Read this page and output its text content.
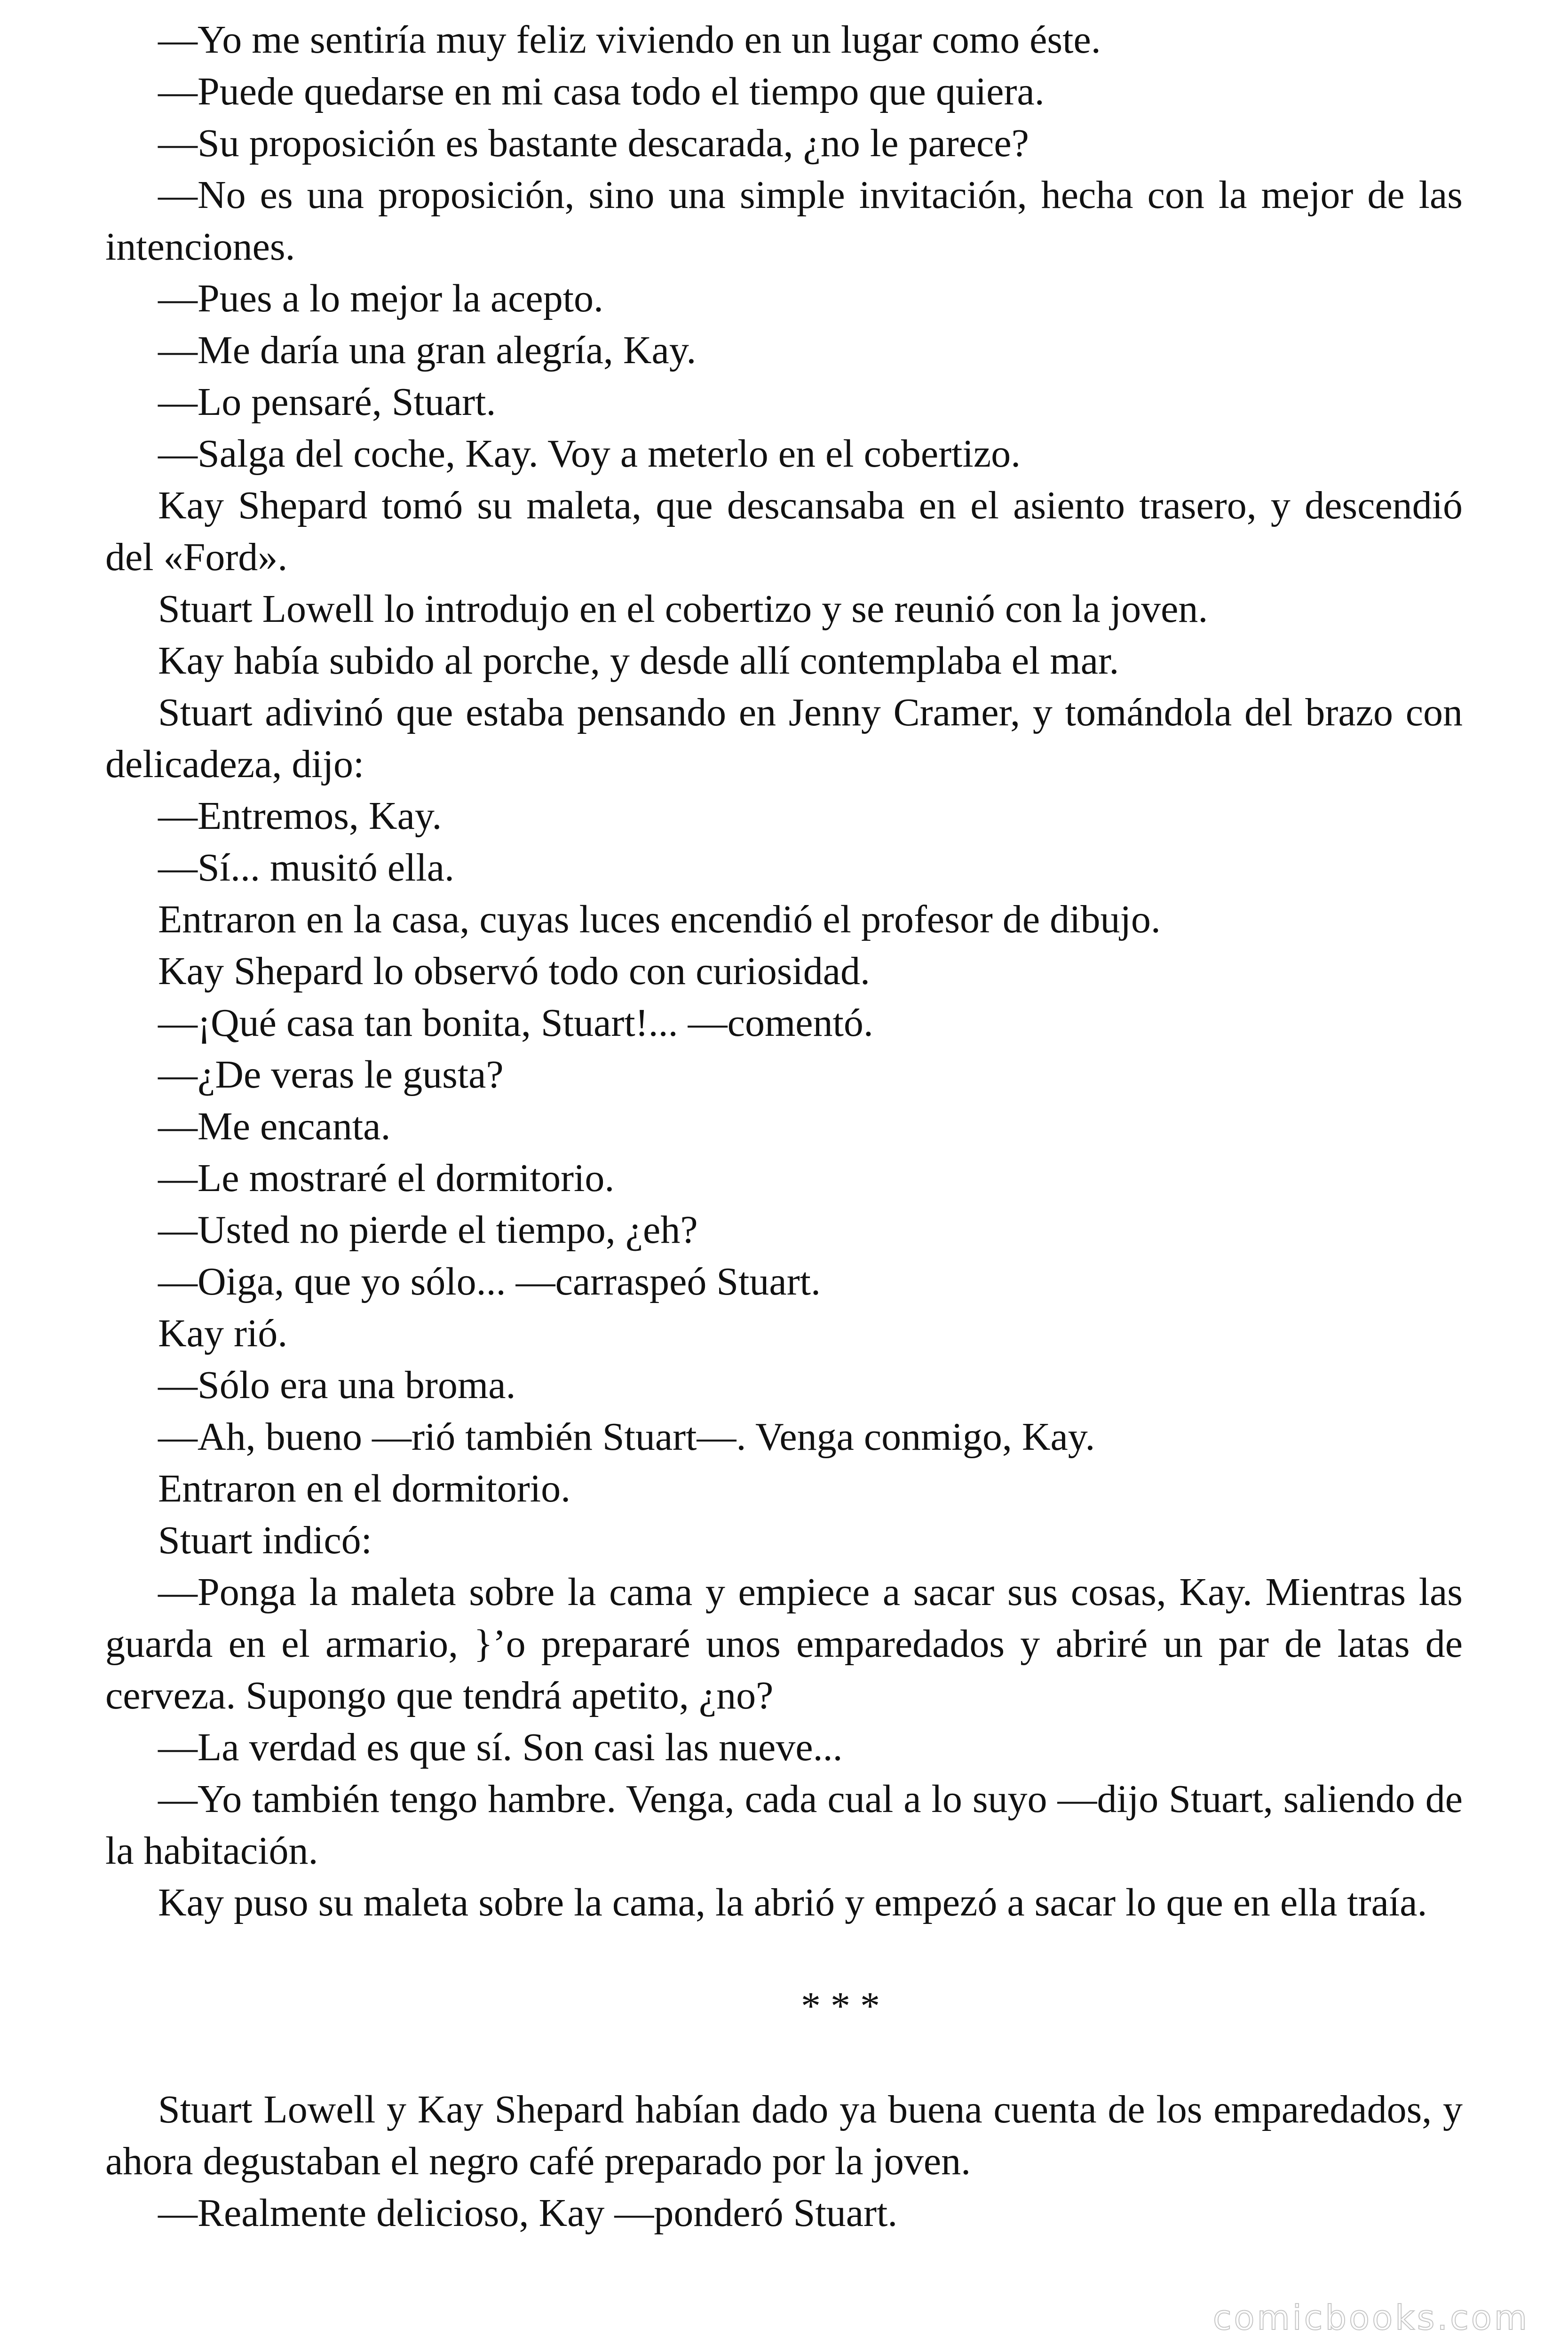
—Yo me sentiría muy feliz viviendo en un lugar como éste.

—Puede quedarse en mi casa todo el tiempo que quiera.

—Su proposición es bastante descarada, ¿no le parece?

—No es una proposición, sino una simple invitación, hecha con la mejor de las intenciones.

—Pues a lo mejor la acepto.

—Me daría una gran alegría, Kay.

—Lo pensaré, Stuart.

—Salga del coche, Kay. Voy a meterlo en el cobertizo.

Kay Shepard tomó su maleta, que descansaba en el asiento trasero, y descendió del «Ford».

Stuart Lowell lo introdujo en el cobertizo y se reunió con la joven.

Kay había subido al porche, y desde allí contemplaba el mar.

Stuart adivinó que estaba pensando en Jenny Cramer, y tomándola del brazo con delicadeza, dijo:

—Entremos, Kay.

—Sí... musitó ella.

Entraron en la casa, cuyas luces encendió el profesor de dibujo.

Kay Shepard lo observó todo con curiosidad.

—¡Qué casa tan bonita, Stuart!... —comentó.

—¿De veras le gusta?

—Me encanta.

—Le mostraré el dormitorio.

—Usted no pierde el tiempo, ¿eh?

—Oiga, que yo sólo... —carraspeó Stuart.

Kay rió.

—Sólo era una broma.

—Ah, bueno —rió también Stuart—. Venga conmigo, Kay.

Entraron en el dormitorio.

Stuart indicó:

—Ponga la maleta sobre la cama y empiece a sacar sus cosas, Kay. Mientras las guarda en el armario, }’o prepararé unos emparedados y abriré un par de latas de cerveza. Supongo que tendrá apetito, ¿no?

—La verdad es que sí. Son casi las nueve...

—Yo también tengo hambre. Venga, cada cual a lo suyo —dijo Stuart, saliendo de la habitación.

Kay puso su maleta sobre la cama, la abrió y empezó a sacar lo que en ella traía.

* * *

Stuart Lowell y Kay Shepard habían dado ya buena cuenta de los emparedados, y ahora degustaban el negro café preparado por la joven.

—Realmente delicioso, Kay —ponderó Stuart.

comicbooks.com
